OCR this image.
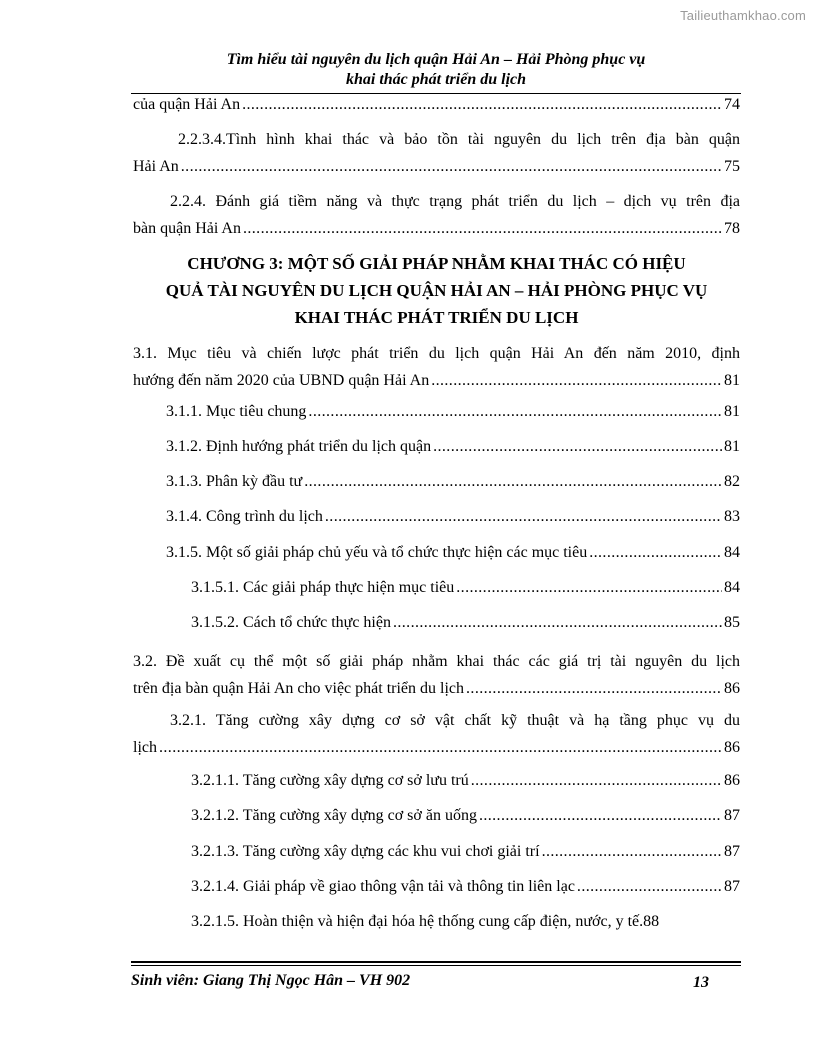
Tailieuthamkhao.com
Tìm hiểu tài nguyên du lịch quận Hải An – Hải Phòng phục vụ
khai thác phát triển du lịch
của quận Hải An .....	74
2.2.3.4.Tình hình khai thác và bảo tồn tài nguyên du lịch trên địa bàn quận
Hải An .....	75
2.2.4. Đánh giá tiềm năng và thực trạng phát triển du lịch – dịch vụ trên địa
bàn quận Hải An .....	78
CHƯƠNG 3: MỘT SỐ GIẢI PHÁP NHẰM KHAI THÁC CÓ HIỆU
QUẢ TÀI NGUYÊN DU LỊCH QUẬN HẢI AN – HẢI PHÒNG PHỤC VỤ
KHAI THÁC PHÁT TRIỂN DU LỊCH
3.1. Mục tiêu và chiến lược phát triển du lịch quận Hải An đến năm 2010, định
hướng đến năm 2020 của UBND quận Hải An .....	81
3.1.1. Mục tiêu chung .....	81
3.1.2. Định hướng phát triển du lịch quận .....	81
3.1.3. Phân kỳ đầu tư .....	82
3.1.4. Công trình du lịch .....	83
3.1.5. Một số giải pháp chủ yếu và tổ chức thực hiện các mục tiêu .....	84
3.1.5.1. Các giải pháp thực hiện mục tiêu .....	84
3.1.5.2. Cách tổ chức thực hiện .....	85
3.2. Đề xuất cụ thể một số giải pháp nhằm khai thác các giá trị tài nguyên du lịch
trên địa bàn quận Hải An cho việc phát triển du lịch .....	86
3.2.1. Tăng cường xây dựng cơ sở vật chất kỹ thuật và hạ tầng phục vụ du
lịch .....	86
3.2.1.1. Tăng cường xây dựng cơ sở lưu trú .....	86
3.2.1.2. Tăng cường xây dựng cơ sở ăn uống .....	87
3.2.1.3. Tăng cường xây dựng các khu vui chơi giải trí .....	87
3.2.1.4. Giải pháp về giao thông vận tải và thông tin liên lạc .....	87
3.2.1.5. Hoàn thiện và hiện đại hóa hệ thống cung cấp điện, nước, y tế. 88
Sinh viên: Giang Thị Ngọc Hân – VH 902	13
